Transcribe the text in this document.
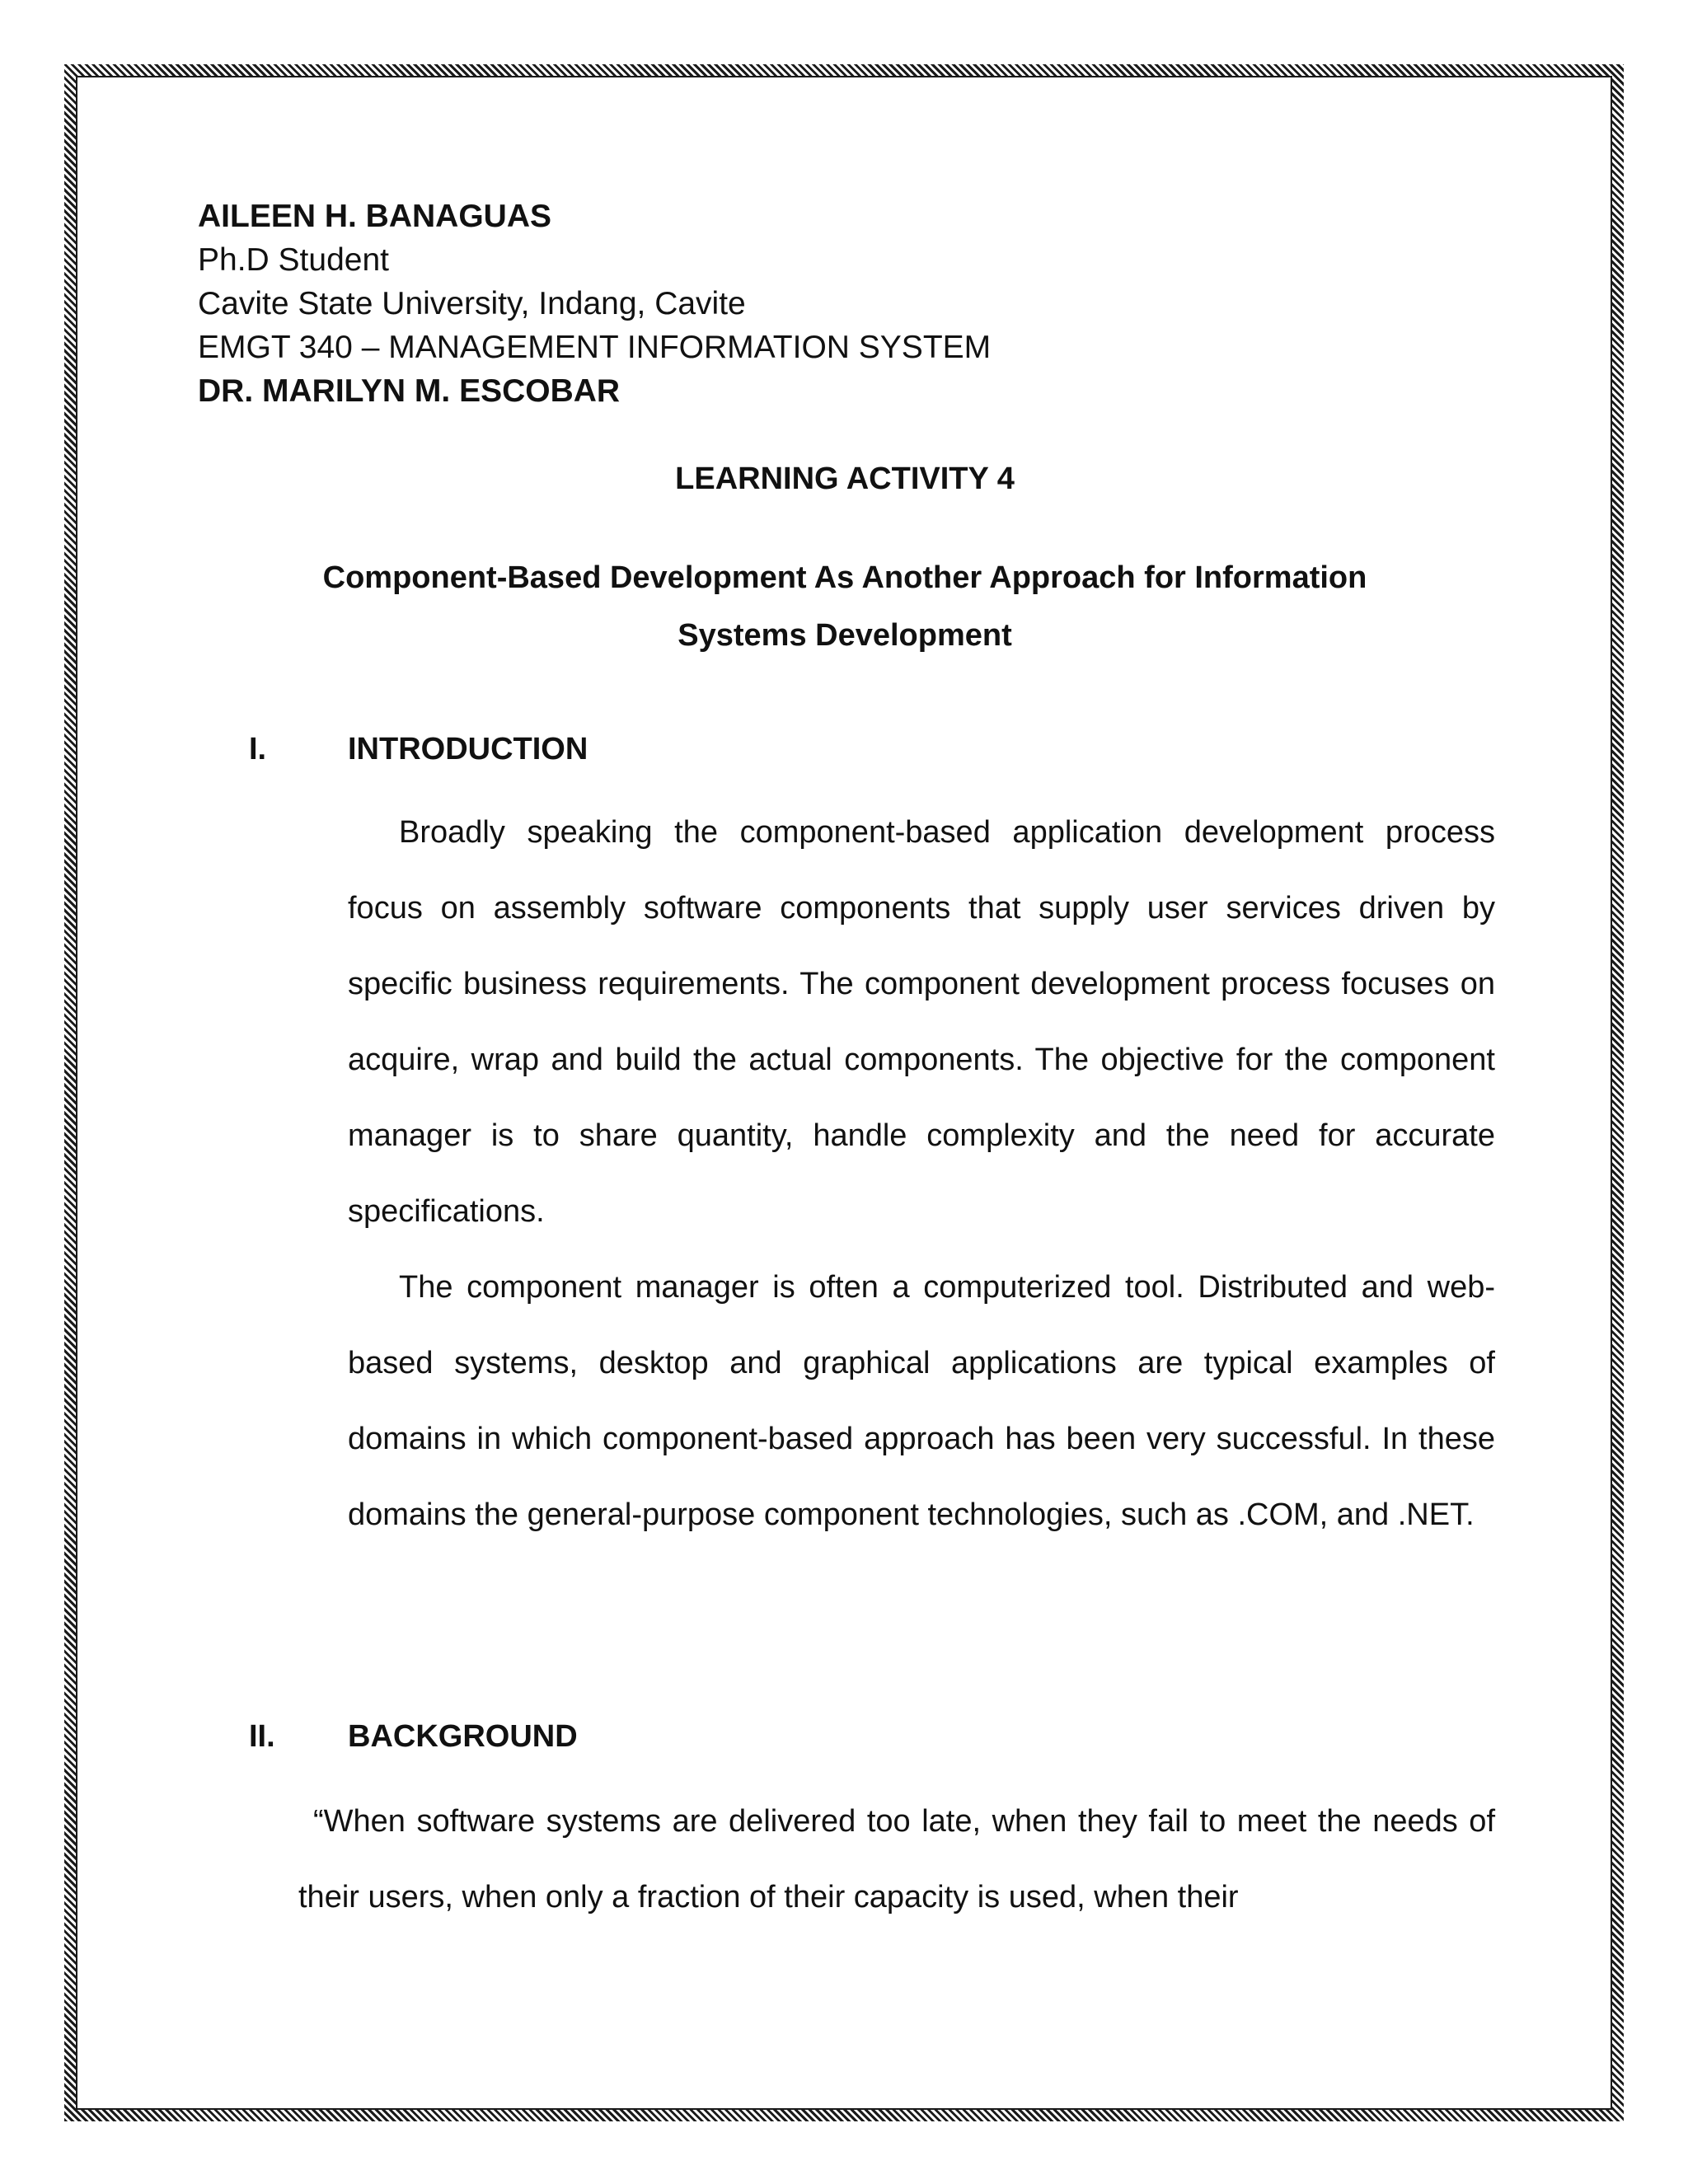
AILEEN H. BANAGUAS
Ph.D Student
Cavite State University, Indang, Cavite
EMGT 340 – MANAGEMENT INFORMATION SYSTEM
DR. MARILYN M. ESCOBAR
LEARNING ACTIVITY 4
Component-Based Development As Another Approach for Information
Systems Development
I.	INTRODUCTION

Broadly speaking the component-based application development process focus on assembly software components that supply user services driven by specific business requirements. The component development process focuses on acquire, wrap and build the actual components. The objective for the component manager is to share quantity, handle complexity and the need for accurate specifications.

The component manager is often a computerized tool. Distributed and web-based systems, desktop and graphical applications are typical examples of domains in which component-based approach has been very successful. In these domains the general-purpose component technologies, such as .COM, and .NET.

II. BACKGROUND

“When software systems are delivered too late, when they fail to meet the needs of their users, when only a fraction of their capacity is used, when their
